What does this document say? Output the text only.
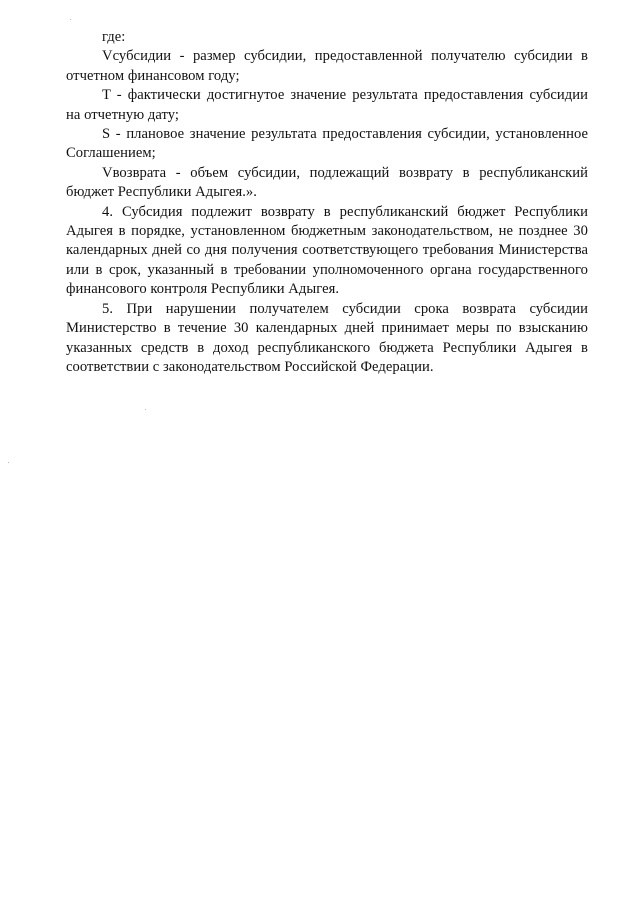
где:

Vсубсидии - размер субсидии, предоставленной получателю субсидии в отчетном финансовом году;

T - фактически достигнутое значение результата предоставления субсидии на отчетную дату;

S - плановое значение результата предоставления субсидии, установленное Соглашением;

Vвозврата - объем субсидии, подлежащий возврату в республиканский бюджет Республики Адыгея.».

4. Субсидия подлежит возврату в республиканский бюджет Республики Адыгея в порядке, установленном бюджетным законодательством, не позднее 30 календарных дней со дня получения соответствующего требования Министерства или в срок, указанный в требовании уполномоченного органа государственного финансового контроля Республики Адыгея.

5. При нарушении получателем субсидии срока возврата субсидии Министерство в течение 30 календарных дней принимает меры по взысканию указанных средств в доход республиканского бюджета Республики Адыгея в соответствии с законодательством Российской Федерации.
